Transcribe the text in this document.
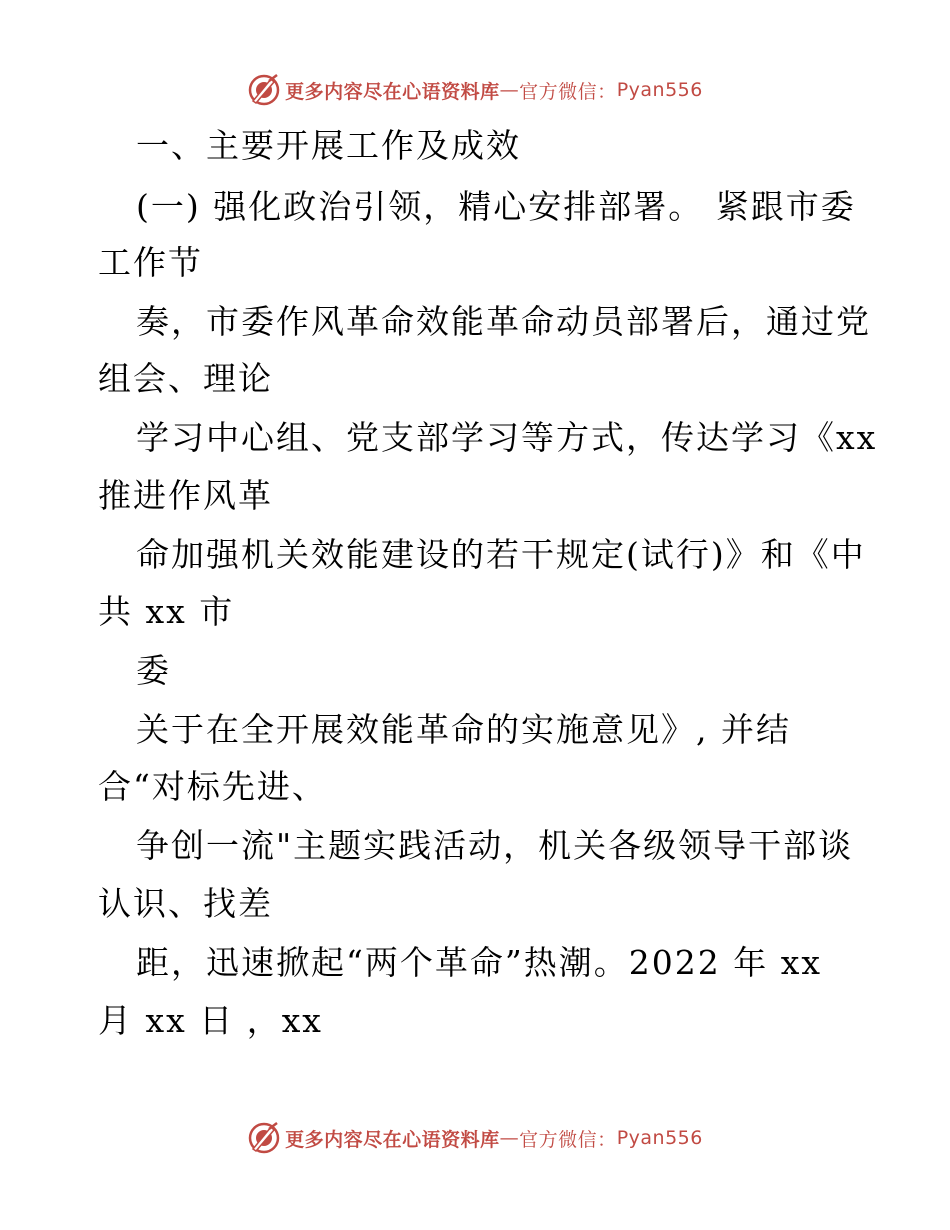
更多内容尽在心语资料库 — 官方微信： Pyan556
一、主要开展工作及成效
(一) 强化政治引领，精心安排部署。 紧跟市委
工作节
奏，市委作风革命效能革命动员部署后，通过党
组会、理论
学习中心组、党支部学习等方式，传达学习《xx
推进作风革
命加强机关效能建设的若干规定(试行)》和《中
共 xx 市
委
关于在全开展效能革命的实施意见》, 并结
合“对标先进、
争创一流"主题实践活动，机关各级领导干部谈
认识、找差
距，迅速掀起“两个革命”热潮。2022 年 xx
月 xx 日 ，xx
更多内容尽在心语资料库 — 官方微信： Pyan556
